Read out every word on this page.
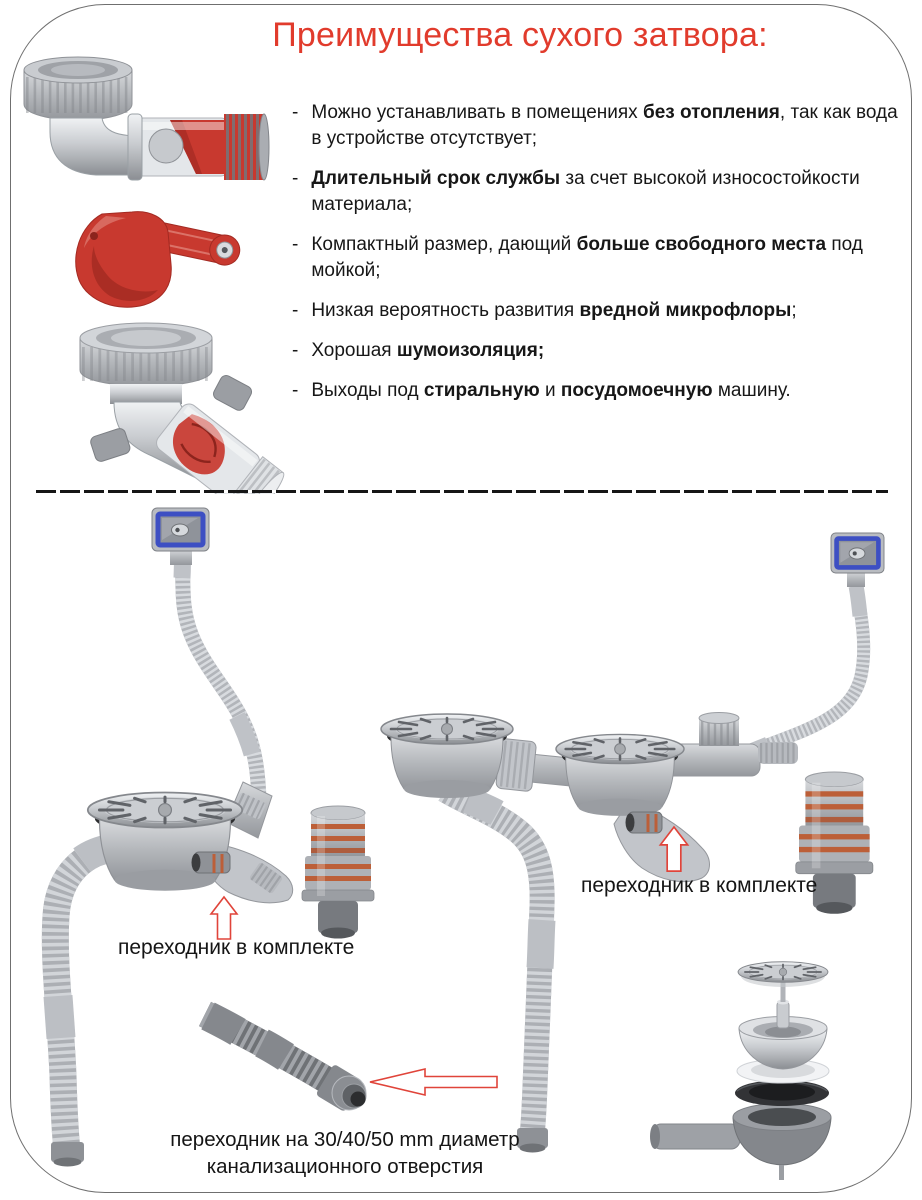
Преимущества сухого затвора:
- Можно устанавливать в помещениях без отопления, так как вода в устройстве отсутствует;
- Длительный срок службы за счет высокой износостойкости материала;
- Компактный размер, дающий больше свободного места под мойкой;
- Низкая вероятность развития вредной микрофлоры;
- Хорошая шумоизоляция;
- Выходы под стиральную и посудомоечную машину.
переходник в комплекте
переходник в комплекте
переходник на 30/40/50 mm диаметр
канализационного отверстия
